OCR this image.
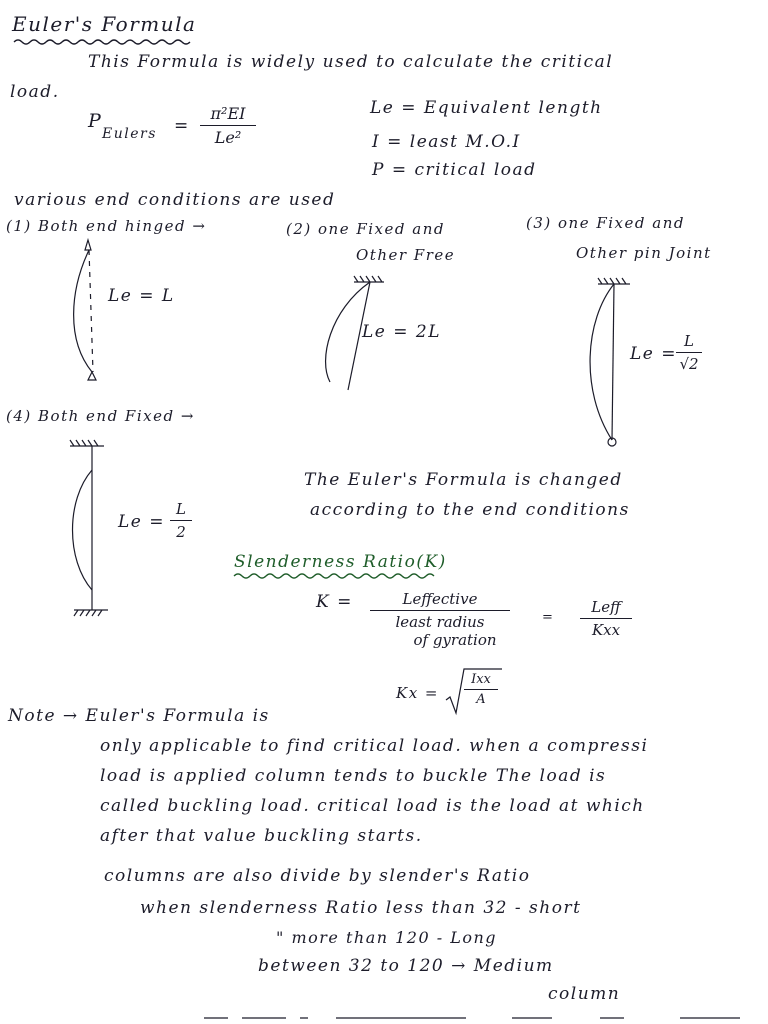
Euler's Formula
This Formula is widely used to calculate the critical
load.
P
Eulers =
π²EI
Le²
Le = Equivalent length
I = least M.O.I
P = critical load
various end conditions are used
(1) Both end hinged →	(2) one Fixed and
Other Free
(3) one Fixed and
Other pin Joint
Le = L
Le = 2L
Le =
L
√2
(4) Both end Fixed →
Le =
L
2
The Euler's Formula is changed
according to the end conditions
Slenderness Ratio(K)
K =	Leffective
least radius
of gyration
=
Leff
Kxx
Kx =
Ixx
A
Note → Euler's Formula is
only applicable to find critical load. when a compressi
load is applied column tends to buckle The load is
called buckling load. critical load is the load at which
after that value buckling starts.
columns are also divide by slender's Ratio
when slenderness Ratio less than 32 - short
" more than 120 - Long
between 32 to 120 → Medium
column
